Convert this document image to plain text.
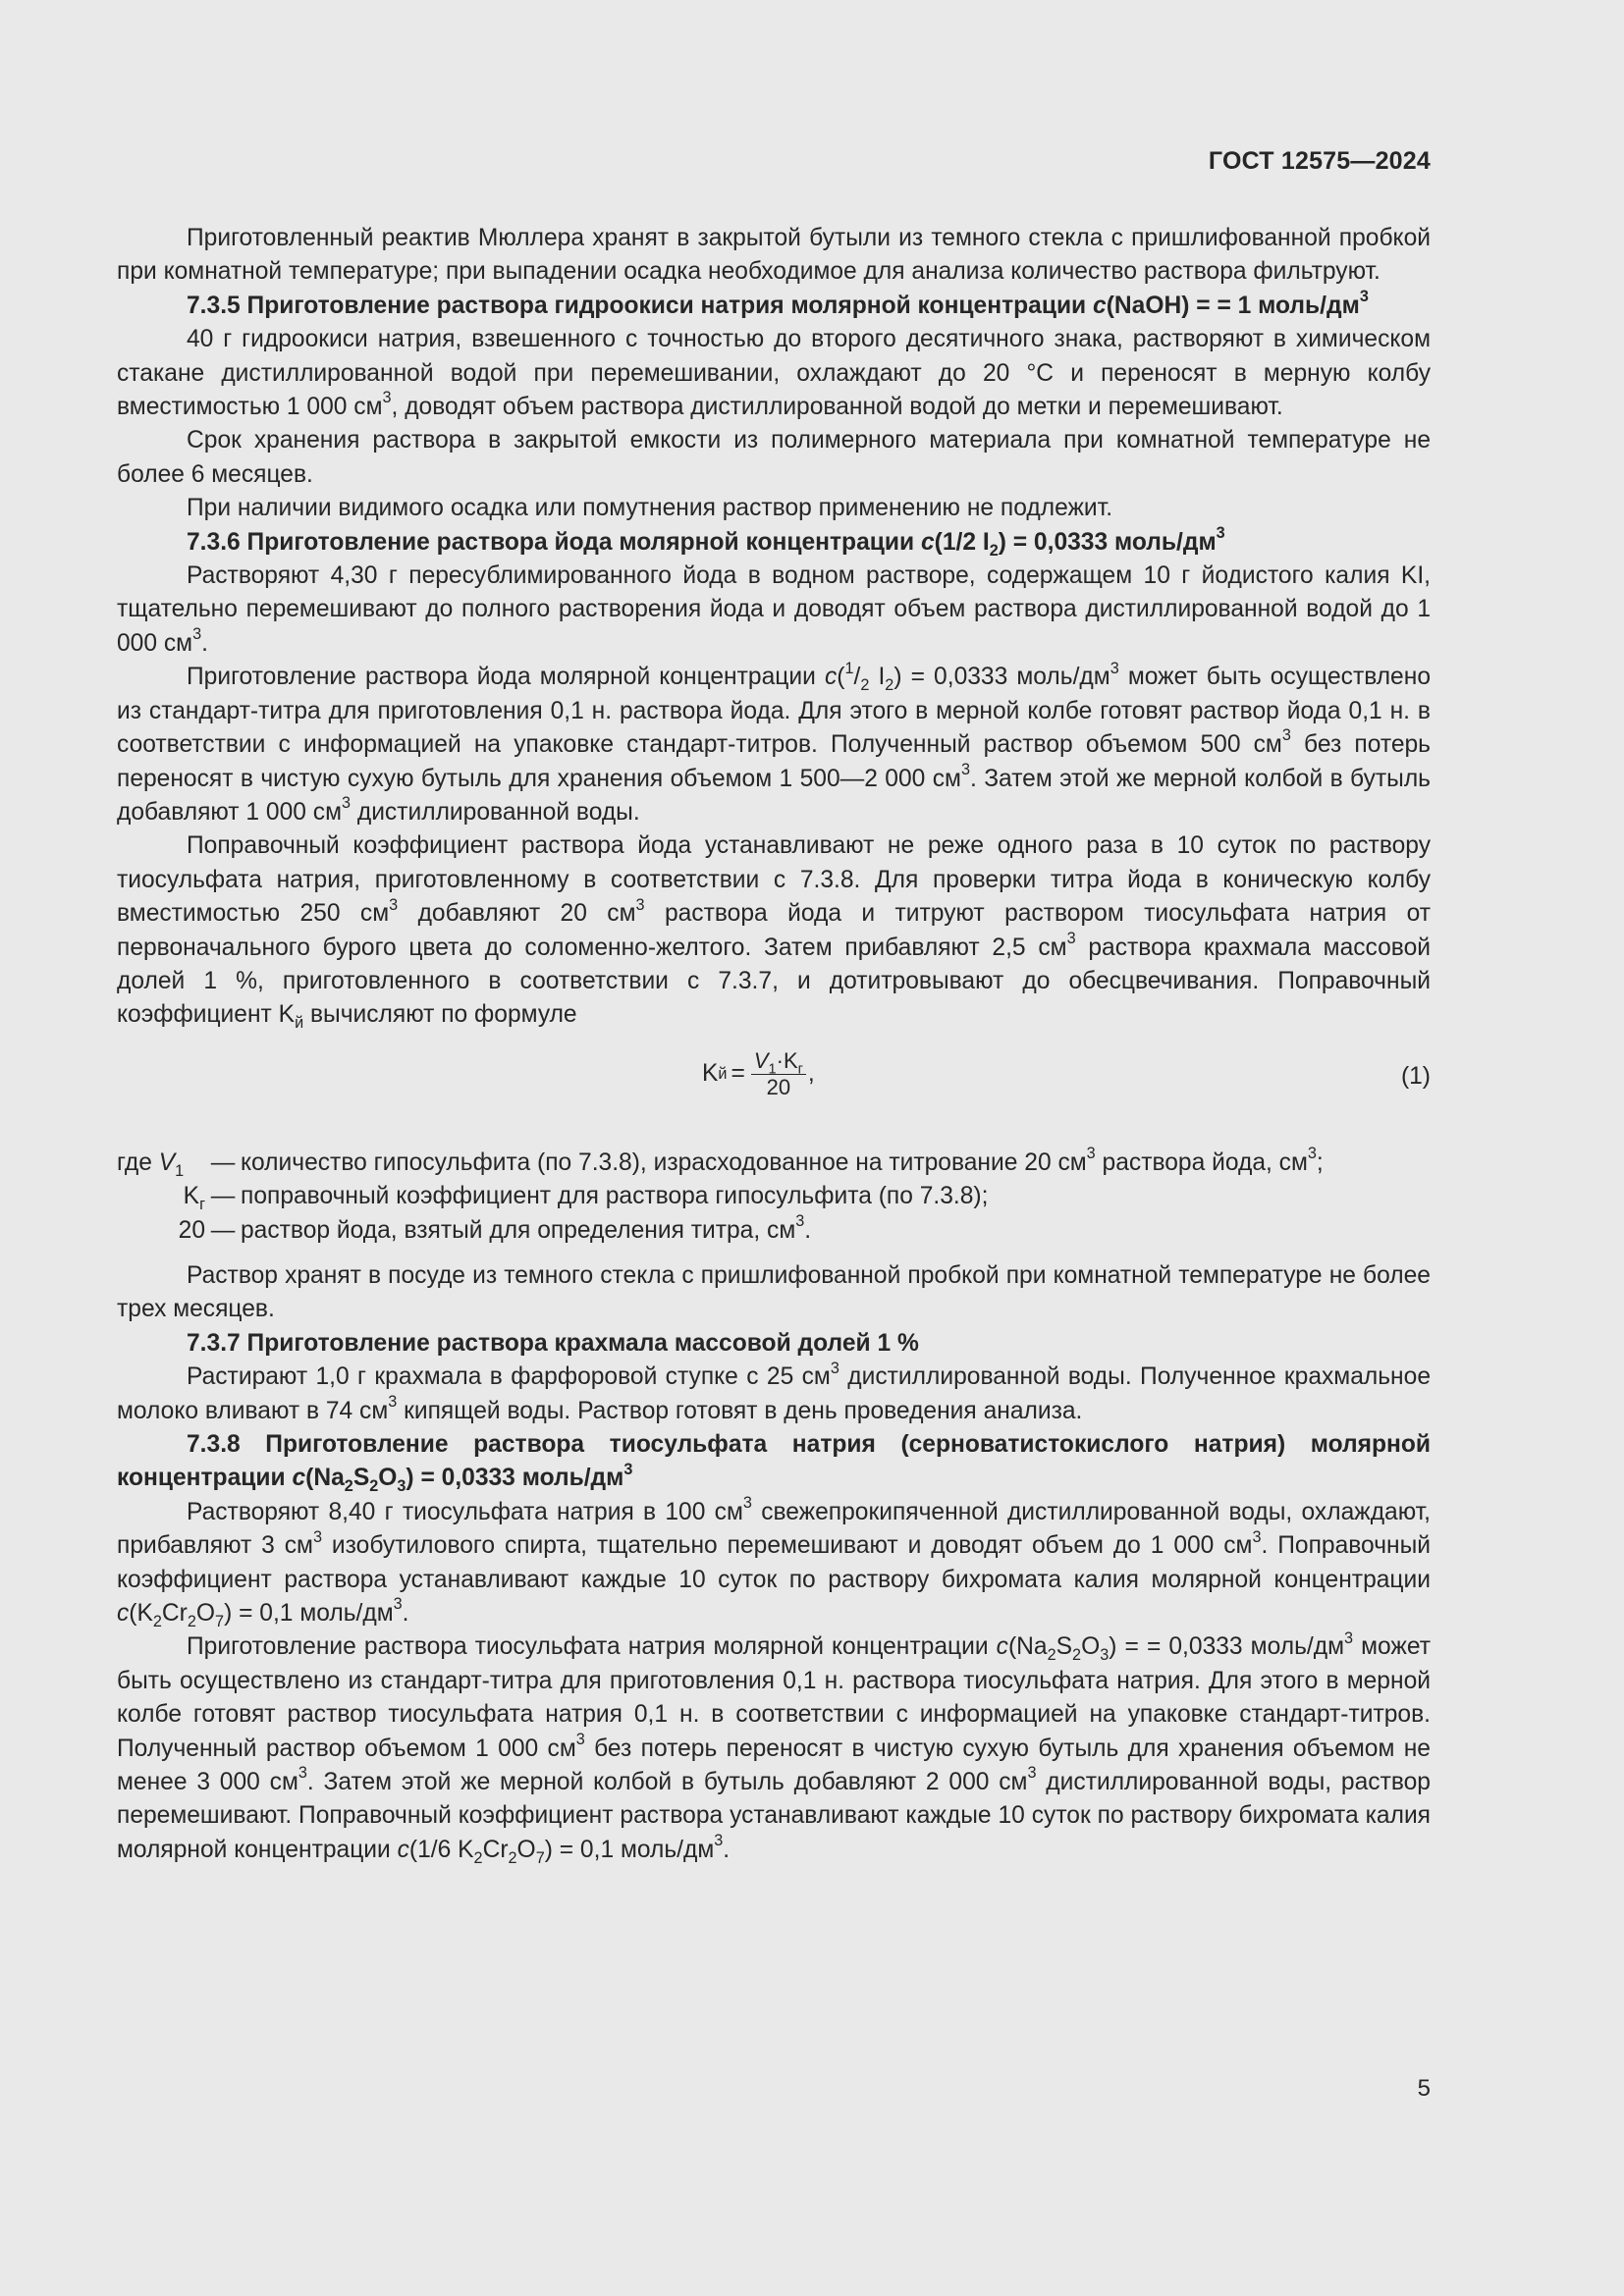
ГОСТ 12575—2024

Приготовленный реактив Мюллера хранят в закрытой бутыли из темного стекла с пришлифованной пробкой при комнатной температуре; при выпадении осадка необходимое для анализа количество раствора фильтруют.

7.3.5 Приготовление раствора гидроокиси натрия молярной концентрации c(NaOH) = = 1 моль/$дм^3$

40 г гидроокиси натрия, взвешенного с точностью до второго десятичного знака, растворяют в химическом стакане дистиллированной водой при перемешивании, охлаждают до 20 °С и переносят в мерную колбу вместимостью 1 000 $см^3$, доводят объем раствора дистиллированной водой до метки и перемешивают.

Срок хранения раствора в закрытой емкости из полимерного материала при комнатной температуре не более 6 месяцев.

При наличии видимого осадка или помутнения раствор применению не подлежит.

7.3.6 Приготовление раствора йода молярной концентрации c(1/2 $I_2) = 0,0333$ моль/$дм^3$

Растворяют 4,30 г пересублимированного йода в водном растворе, содержащем 10 г йодистого калия KI, тщательно перемешивают до полного растворения йода и доводят объем раствора дистиллированной водой до 1 000 $см^3$.

Приготовление раствора йода молярной концентрации $c(^1/_2$ $I_2) = 0,0333$ моль/$дм^3$ может быть осуществлено из стандарт-титра для приготовления 0,1 н. раствора йода. Для этого в мерной колбе готовят раствор йода 0,1 н. в соответствии с информацией на упаковке стандарт-титров. Полученный раствор объемом 500 $см^3$ без потерь переносят в чистую сухую бутыль для хранения объемом 1 500—2 000 $см^3$. Затем этой же мерной колбой в бутыль добавляют 1 000 $см^3$ дистиллированной воды.

Поправочный коэффициент раствора йода устанавливают не реже одного раза в 10 суток по раствору тиосульфата натрия, приготовленному в соответствии с 7.3.8. Для проверки титра йода в коническую колбу вместимостью 250 $см^3$ добавляют 20 $см^3$ раствора йода и титруют раствором тиосульфата натрия от первоначального бурого цвета до соломенно-желтого. Затем прибавляют 2,5 $см^3$ раствора крахмала массовой долей 1 %, приготовленного в соответствии с 7.3.7, и дотитровывают до обесцвечивания. Поправочный коэффициент $K_й$ вычисляют по формуле

K $й = \frac{V_1\cdot K_г}{20}$ ,	(1)
где $V_1$	— количество гипосульфита (по 7.3.8), израсходованное на титрование 20 $см^3$ раствора йода, $см^3$;
$K_г$ — поправочный коэффициент для раствора гипосульфита (по 7.3.8);
20 — раствор йода, взятый для определения титра, $см^3$.

Раствор хранят в посуде из темного стекла с пришлифованной пробкой при комнатной температуре не более трех месяцев.

7.3.7 Приготовление раствора крахмала массовой долей 1 %

Растирают 1,0 г крахмала в фарфоровой ступке с 25 $см^3$ дистиллированной воды. Полученное крахмальное молоко вливают в 74 $см^3$ кипящей воды. Раствор готовят в день проведения анализа.

7.3.8 Приготовление раствора тиосульфата натрия (серноватистокислого натрия) молярной концентрации $c(Na_2S_2O_3) = 0,0333$ моль/$дм^3$

Растворяют 8,40 г тиосульфата натрия в 100 $см^3$ свежепрокипяченной дистиллированной воды, охлаждают, прибавляют 3 $см^3$ изобутилового спирта, тщательно перемешивают и доводят объем до 1 000 $см^3$. Поправочный коэффициент раствора устанавливают каждые 10 суток по раствору бихромата калия молярной концентрации $c(K_2Cr_2O_7) = 0,1$ моль/$дм^3$.

Приготовление раствора тиосульфата натрия молярной концентрации $c(Na_2S_2O_3)$ = = 0,0333 моль/$дм^3$ может быть осуществлено из стандарт-титра для приготовления 0,1 н. раствора тиосульфата натрия. Для этого в мерной колбе готовят раствор тиосульфата натрия 0,1 н. в соответствии с информацией на упаковке стандарт-титров. Полученный раствор объемом 1 000 $см^3$ без потерь переносят в чистую сухую бутыль для хранения объемом не менее 3 000 $см^3$. Затем этой же мерной колбой в бутыль добавляют 2 000 $см^3$ дистиллированной воды, раствор перемешивают. Поправочный коэффициент раствора устанавливают каждые 10 суток по раствору бихромата калия молярной концентрации c(1/6 $K_2Cr_2O_7) = 0,1$ моль/$дм^3$.

5
